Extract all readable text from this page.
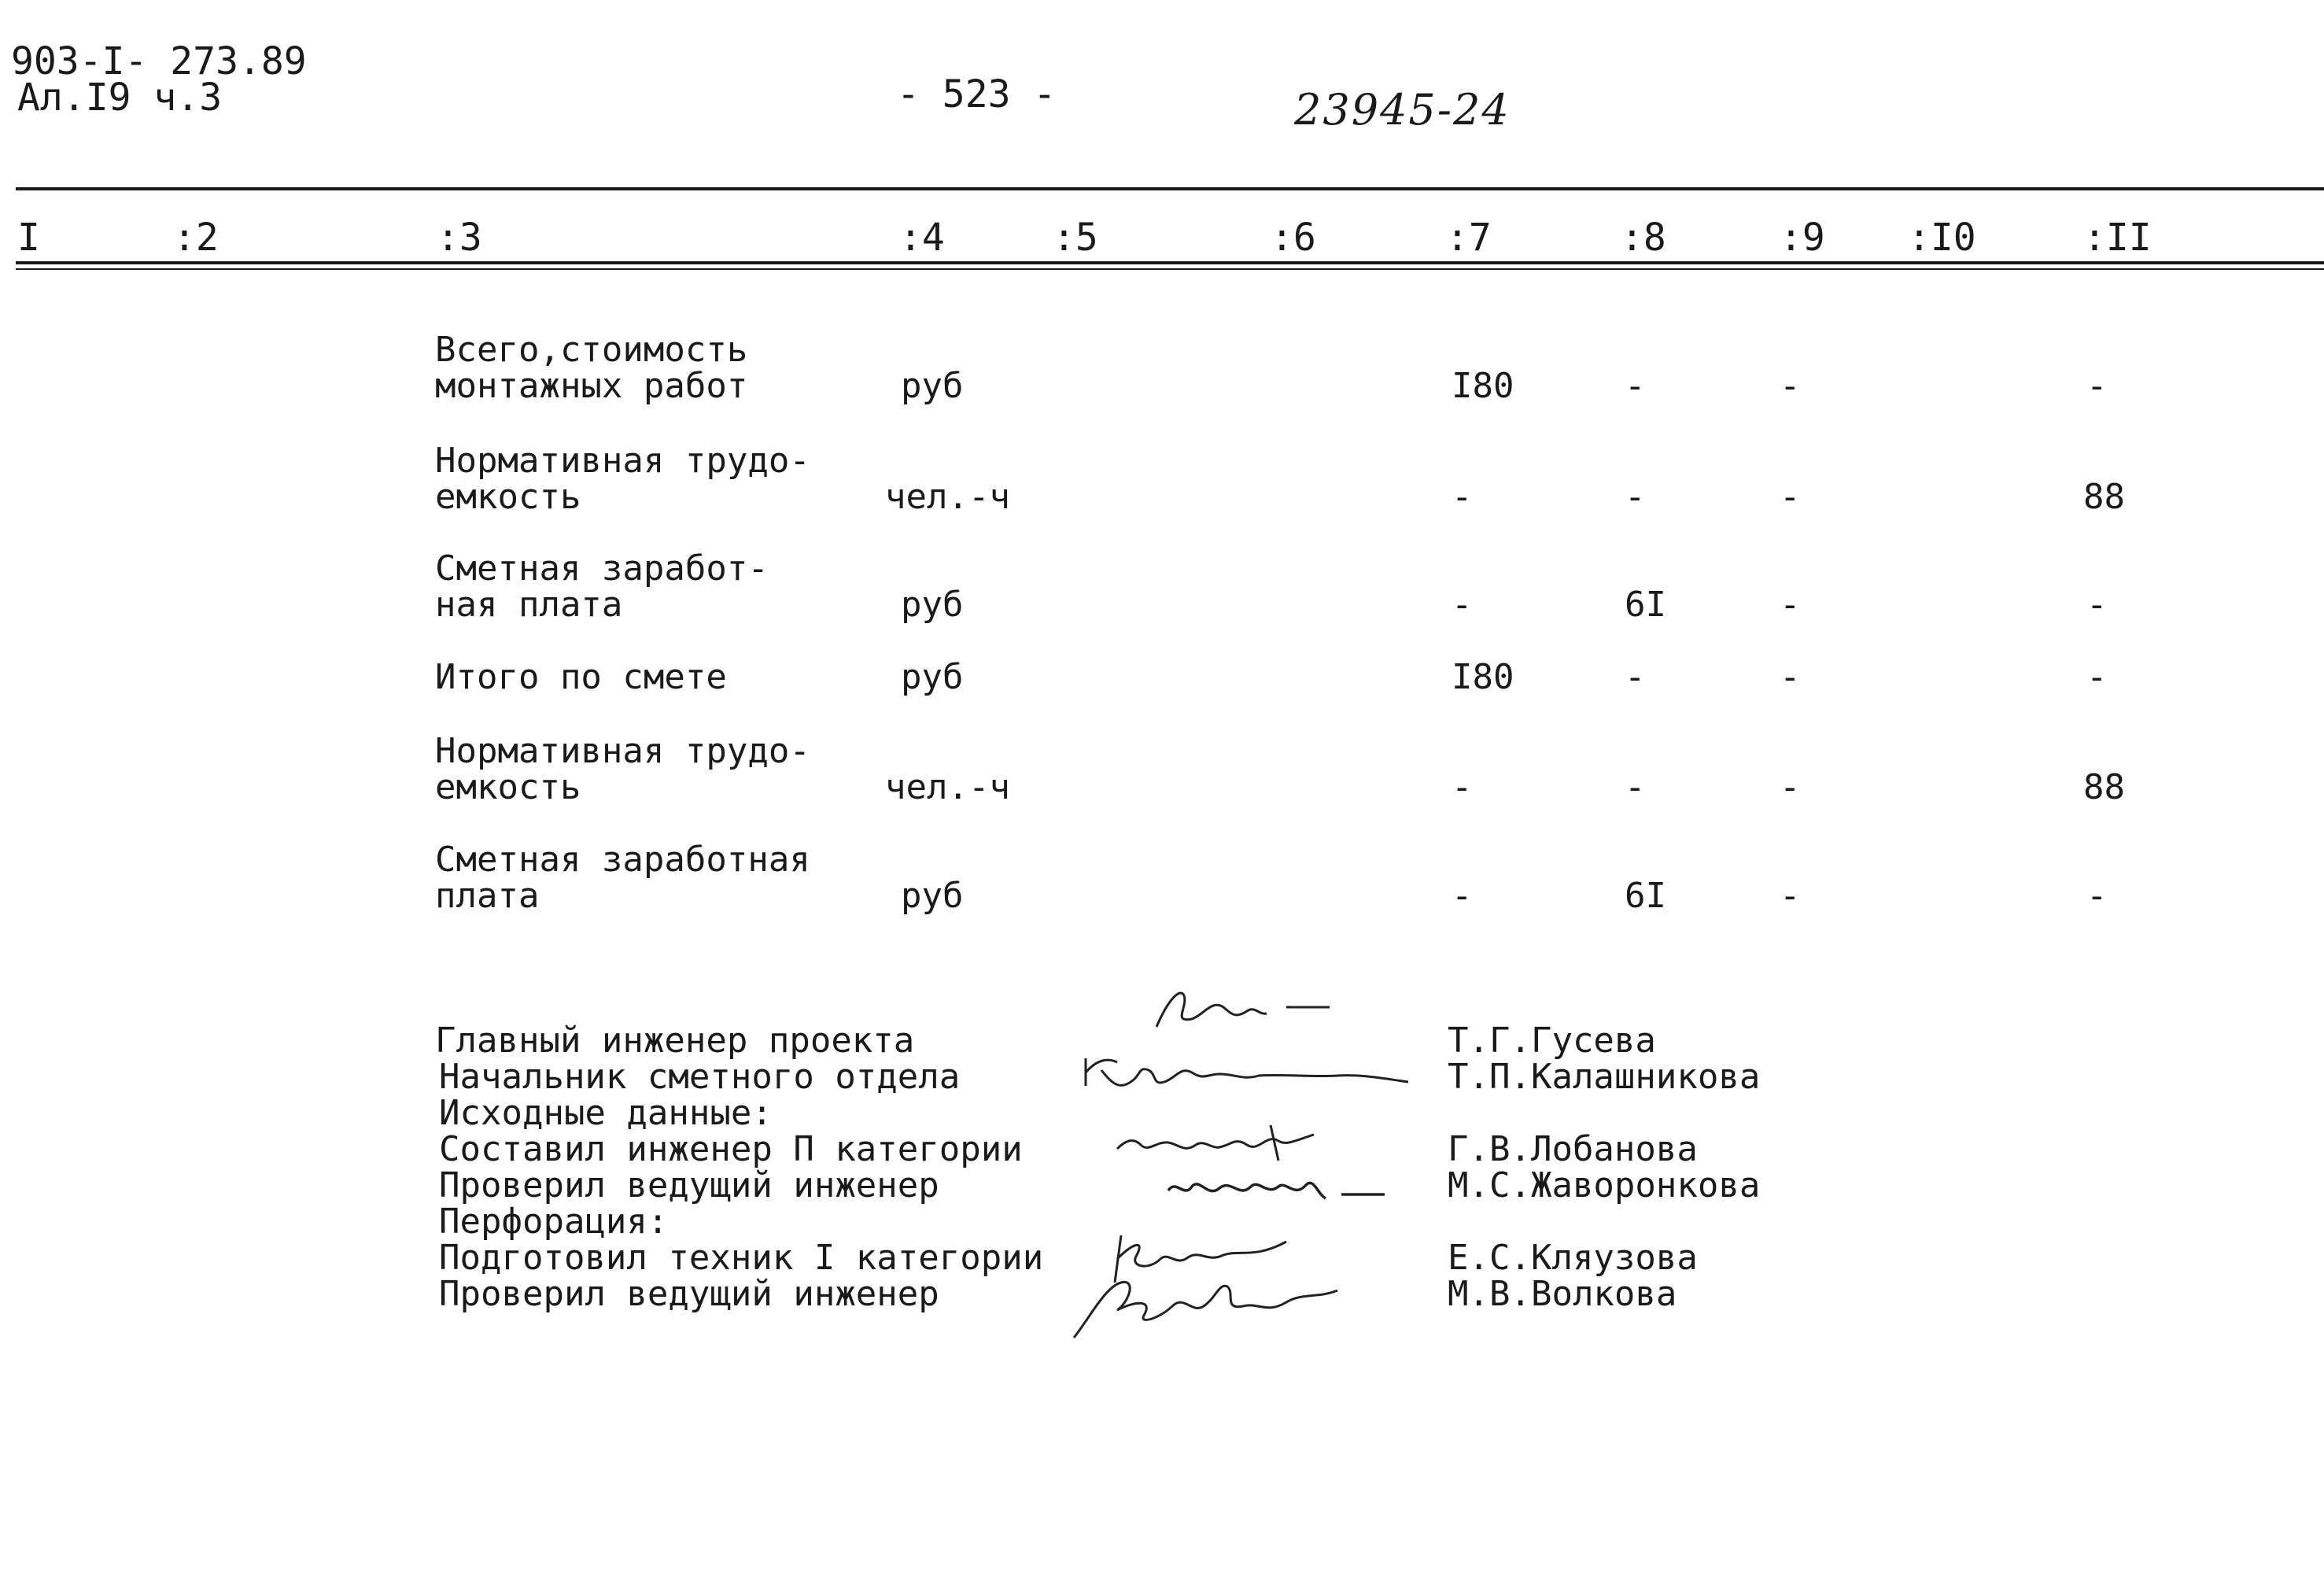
903-I- 273.89
Ал.I9 ч.3	- 523 -	23945-24
I	:2	:3	:4	:5	:6	:7	:8	:9 :I0	:II
Всего,стоимость
монтажных работ	руб	I80	-	-	-
Нормативная трудо-
емкость	чел.-ч	-	-	-	88
Сметная заработ-
ная плата	руб	-	6I	-	-
Итого по смете	руб	I80	-	-	-
Нормативная трудо-
емкость	чел.-ч	-	-	-	88
Сметная заработная
плата	руб	-	6I	-	-
Главный инженер проекта	Т.Г.Гусева
Начальник сметного отдела	Т.П.Калашникова
Исходные данные:
Составил инженер П категории	Г.В.Лобанова
Проверил ведущий инженер	М.С.Жаворонкова
Перфорация:
Подготовил техник I категории	Е.С.Кляузова
Проверил ведущий инженер	М.В.Волкова
